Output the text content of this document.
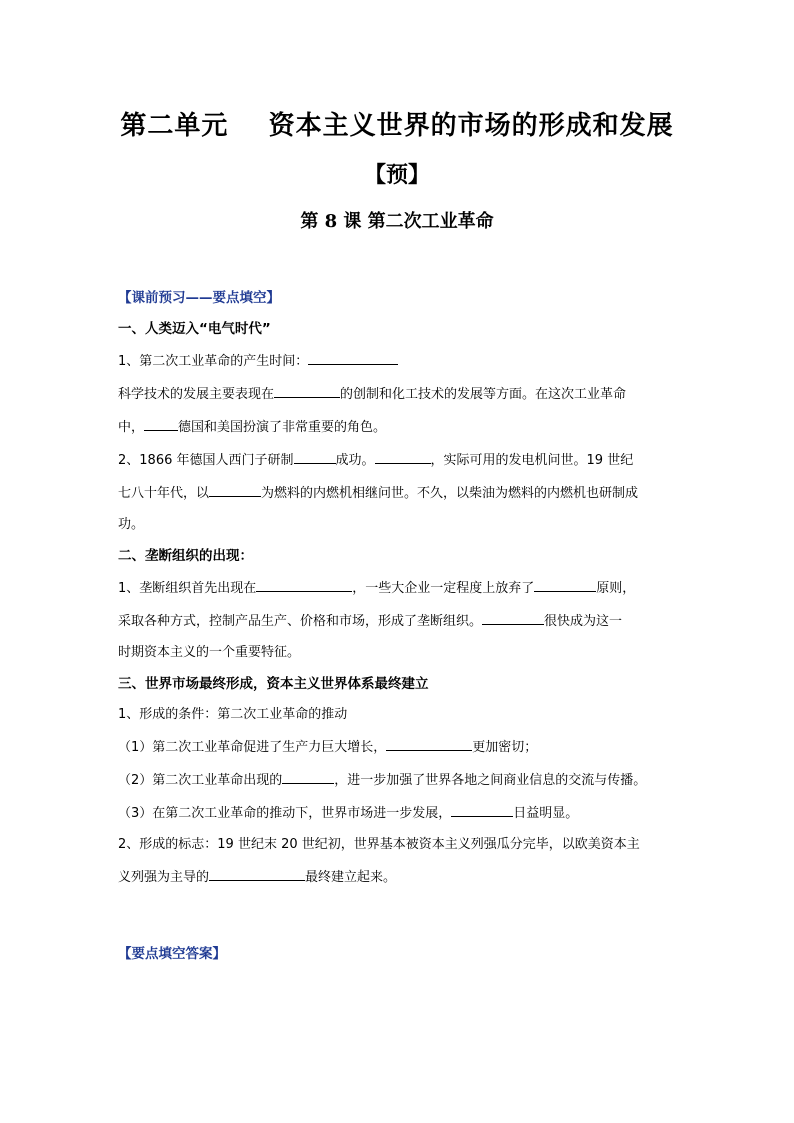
第二单元    资本主义世界的市场的形成和发展
【预】
第 8 课 第二次工业革命
【课前预习——要点填空】
一、人类迈入“电气时代”
1、第二次工业革命的产生时间：
科学技术的发展主要表现在	的创制和化工技术的发展等方面。在这次工业革命
中，	德国和美国扮演了非常重要的角色。
2、1866 年德国人西门子研制	成功。	，实际可用的发电机问世。19 世纪
七八十年代，以	为燃料的内燃机相继问世。不久，以柴油为燃料的内燃机也研制成
功。
二、垄断组织的出现：
1、垄断组织首先出现在	，一些大企业一定程度上放弃了	原则，
采取各种方式，控制产品生产、价格和市场，形成了垄断组织。	很快成为这一
时期资本主义的一个重要特征。
三、世界市场最终形成，资本主义世界体系最终建立
1、形成的条件：第二次工业革命的推动
（1）第二次工业革命促进了生产力巨大增长，	更加密切；
（2）第二次工业革命出现的	，进一步加强了世界各地之间商业信息的交流与传播。
（3）在第二次工业革命的推动下，世界市场进一步发展，	日益明显。
2、形成的标志：19 世纪末 20 世纪初，世界基本被资本主义列强瓜分完毕，以欧美资本主
义列强为主导的	最终建立起来。
【要点填空答案】
